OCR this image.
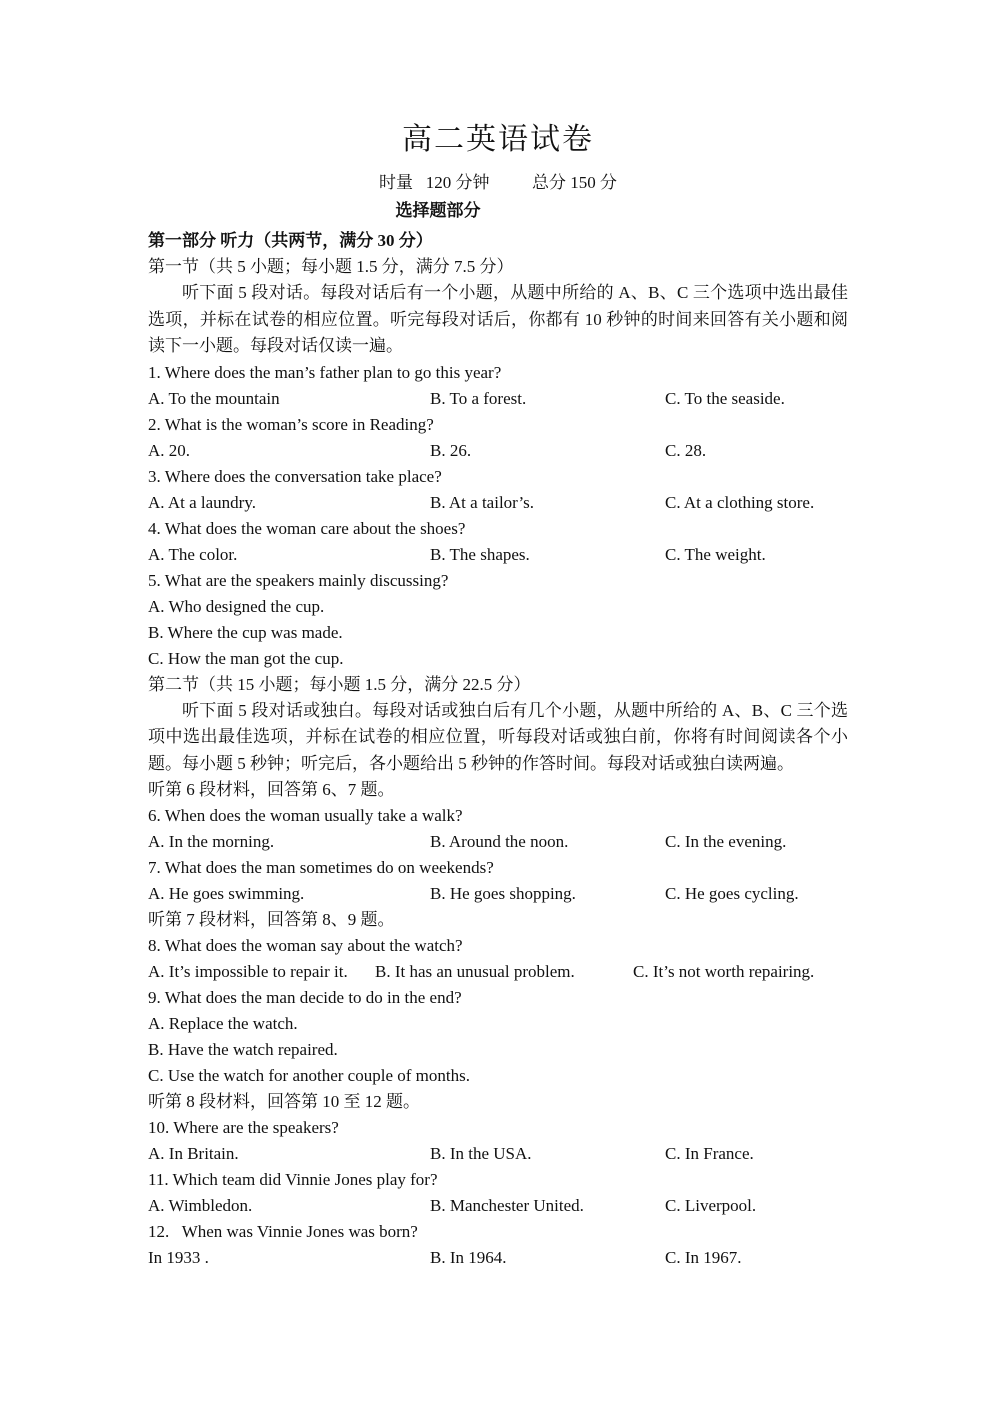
高二英语试卷
时量   120 分钟          总分 150 分
选择题部分
第一部分 听力（共两节，满分 30 分）
第一节（共 5 小题；每小题 1.5 分，满分 7.5 分）

听下面 5 段对话。每段对话后有一个小题，从题中所给的 A、B、C 三个选项中选出最佳选项，并标在试卷的相应位置。听完每段对话后，你都有 10 秒钟的时间来回答有关小题和阅读下一小题。每段对话仅读一遍。

1. Where does the man’s father plan to go this year?
A. To the mountain	B. To a forest.	C. To the seaside.
2. What is the woman’s score in Reading?
A. 20.	B. 26.	C. 28.
3. Where does the conversation take place?
A. At a laundry.	B. At a tailor’s.	C. At a clothing store.
4. What does the woman care about the shoes?
A. The color.	B. The shapes.	C. The weight.
5. What are the speakers mainly discussing?
A. Who designed the cup.
B. Where the cup was made.
C. How the man got the cup.
第二节（共 15 小题；每小题 1.5 分，满分 22.5 分）

听下面 5 段对话或独白。每段对话或独白后有几个小题，从题中所给的 A、B、C 三个选项中选出最佳选项，并标在试卷的相应位置，听每段对话或独白前，你将有时间阅读各个小题。每小题 5 秒钟；听完后，各小题给出 5 秒钟的作答时间。每段对话或独白读两遍。

听第 6 段材料，回答第 6、7 题。
6. When does the woman usually take a walk?
A. In the morning.	B. Around the noon.	C. In the evening.
7. What does the man sometimes do on weekends?
A. He goes swimming.	B. He goes shopping.	C. He goes cycling.
听第 7 段材料，回答第 8、9 题。
8. What does the woman say about the watch?
A. It’s impossible to repair it.	B. It has an unusual problem.	C. It’s not worth repairing.
9. What does the man decide to do in the end?
A. Replace the watch.
B. Have the watch repaired.
C. Use the watch for another couple of months.
听第 8 段材料，回答第 10 至 12 题。
10. Where are the speakers?
A. In Britain.	B. In the USA.	C. In France.
11. Which team did Vinnie Jones play for?
A. Wimbledon.	B. Manchester United.	C. Liverpool.
12.   When was Vinnie Jones was born?
In 1933 .	B. In 1964.	C. In 1967.
